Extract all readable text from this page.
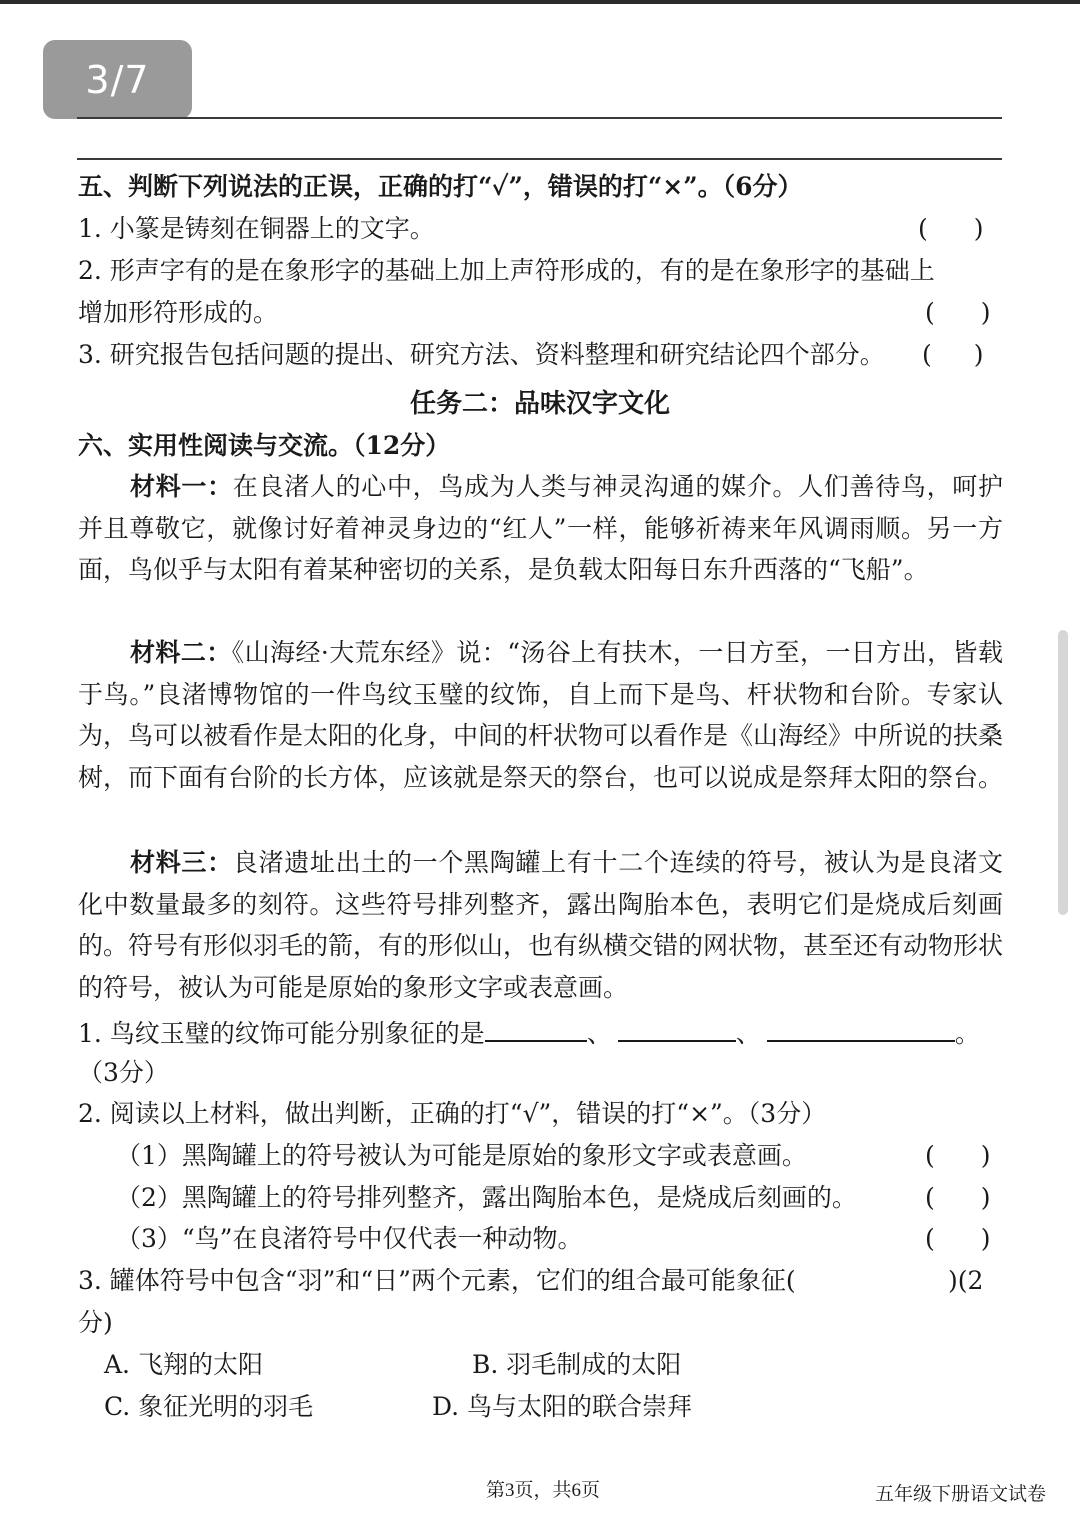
3/7
五、判断下列说法的正误，正确的打“✓”，错误的打“×”。（6分）
1. 小篆是铸刻在铜器上的文字。	( )
2. 形声字有的是在象形字的基础上加上声符形成的，有的是在象形字的基础上
增加形符形成的。	( )
3. 研究报告包括问题的提出、研究方法、资料整理和研究结论四个部分。 ( )
任务二：品味汉字文化
六、实用性阅读与交流。（12分）
材料一：在良渚人的心中，鸟成为人类与神灵沟通的媒介。人们善待鸟，呵护并且尊敬它，就像讨好着神灵身边的“红人”一样，能够祈祷来年风调雨顺。另一方面，鸟似乎与太阳有着某种密切的关系，是负载太阳每日东升西落的“飞船”。
材料二：《山海经·大荒东经》说：“汤谷上有扶木，一日方至，一日方出，皆载于鸟。”良渚博物馆的一件鸟纹玉璧的纹饰，自上而下是鸟、杆状物和台阶。专家认为，鸟可以被看作是太阳的化身，中间的杆状物可以看作是《山海经》中所说的扶桑树，而下面有台阶的长方体，应该就是祭天的祭台，也可以说成是祭拜太阳的祭台。
材料三：良渚遗址出土的一个黑陶罐上有十二个连续的符号，被认为是良渚文化中数量最多的刻符。这些符号排列整齐，露出陶胎本色，表明它们是烧成后刻画的。符号有形似羽毛的箭，有的形似山，也有纵横交错的网状物，甚至还有动物形状的符号，被认为可能是原始的象形文字或表意画。
1. 鸟纹玉璧的纹饰可能分别象征的是	、	、	。
（3分）
2. 阅读以上材料，做出判断，正确的打“√”，错误的打“×”。（3分）
（1）黑陶罐上的符号被认为可能是原始的象形文字或表意画。	( )
（2）黑陶罐上的符号排列整齐，露出陶胎本色，是烧成后刻画的。	( )
（3）“鸟”在良渚符号中仅代表一种动物。	( )
3. 罐体符号中包含“羽”和“日”两个元素，它们的组合最可能象征(	)(2
分)
A. 飞翔的太阳	B. 羽毛制成的太阳
C. 象征光明的羽毛	D. 鸟与太阳的联合崇拜
第3页，共6页	五年级下册语文试卷
